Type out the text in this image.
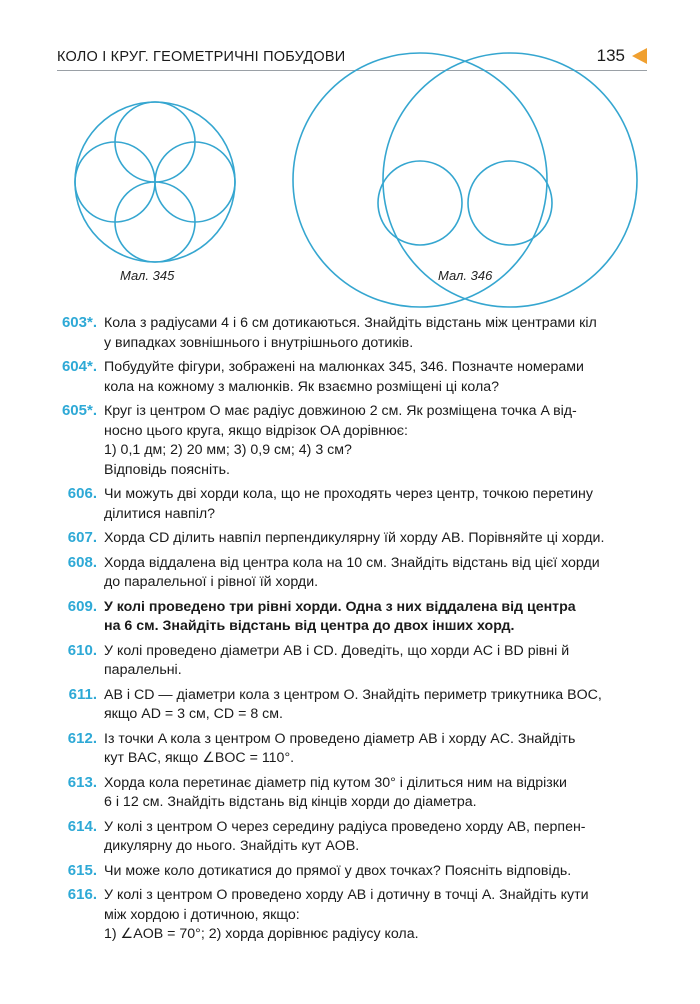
КОЛО І КРУГ. ГЕОМЕТРИЧНІ ПОБУДОВИ	135
Мал. 345	Мал. 346
603*. Кола з радіусами 4 і 6 см дотикаються. Знайдіть відстань між центрами кіл
у випадках зовнішнього і внутрішнього дотиків.
604*. Побудуйте фігури, зображені на малюнках 345, 346. Позначте номерами
кола на кожному з малюнків. Як взаємно розміщені ці кола?
605*. Круг із центром O має радіус довжиною 2 см. Як розміщена точка A від-
носно цього круга, якщо відрізок OA дорівнює:
1) 0,1 дм; 2) 20 мм; 3) 0,9 см; 4) 3 см?
Відповідь поясніть.
606. Чи можуть дві хорди кола, що не проходять через центр, точкою перетину
ділитися навпіл?
607. Хорда CD ділить навпіл перпендикулярну їй хорду AB. Порівняйте ці хорди.
608. Хорда віддалена від центра кола на 10 см. Знайдіть відстань від цієї хорди
до паралельної і рівної їй хорди.
609. У колі проведено три рівні хорди. Одна з них віддалена від центра
на 6 см. Знайдіть відстань від центра до двох інших хорд.
610. У колі проведено діаметри AB і CD. Доведіть, що хорди AC і BD рівні й
паралельні.
611. AB і CD — діаметри кола з центром O. Знайдіть периметр трикутника BOC,
якщо AD = 3 см, CD = 8 см.
612. Із точки A кола з центром O проведено діаметр AB і хорду AC. Знайдіть
кут BAC, якщо ∠BOC = 110°.
613. Хорда кола перетинає діаметр під кутом 30° і ділиться ним на відрізки
6 і 12 см. Знайдіть відстань від кінців хорди до діаметра.
614. У колі з центром O через середину радіуса проведено хорду AB, перпен-
дикулярну до нього. Знайдіть кут AOB.
615. Чи може коло дотикатися до прямої у двох точках? Поясніть відповідь.
616. У колі з центром O проведено хорду AB і дотичну в точці A. Знайдіть кути
між хордою і дотичною, якщо:
1) ∠AOB = 70°; 2) хорда дорівнює радіусу кола.
